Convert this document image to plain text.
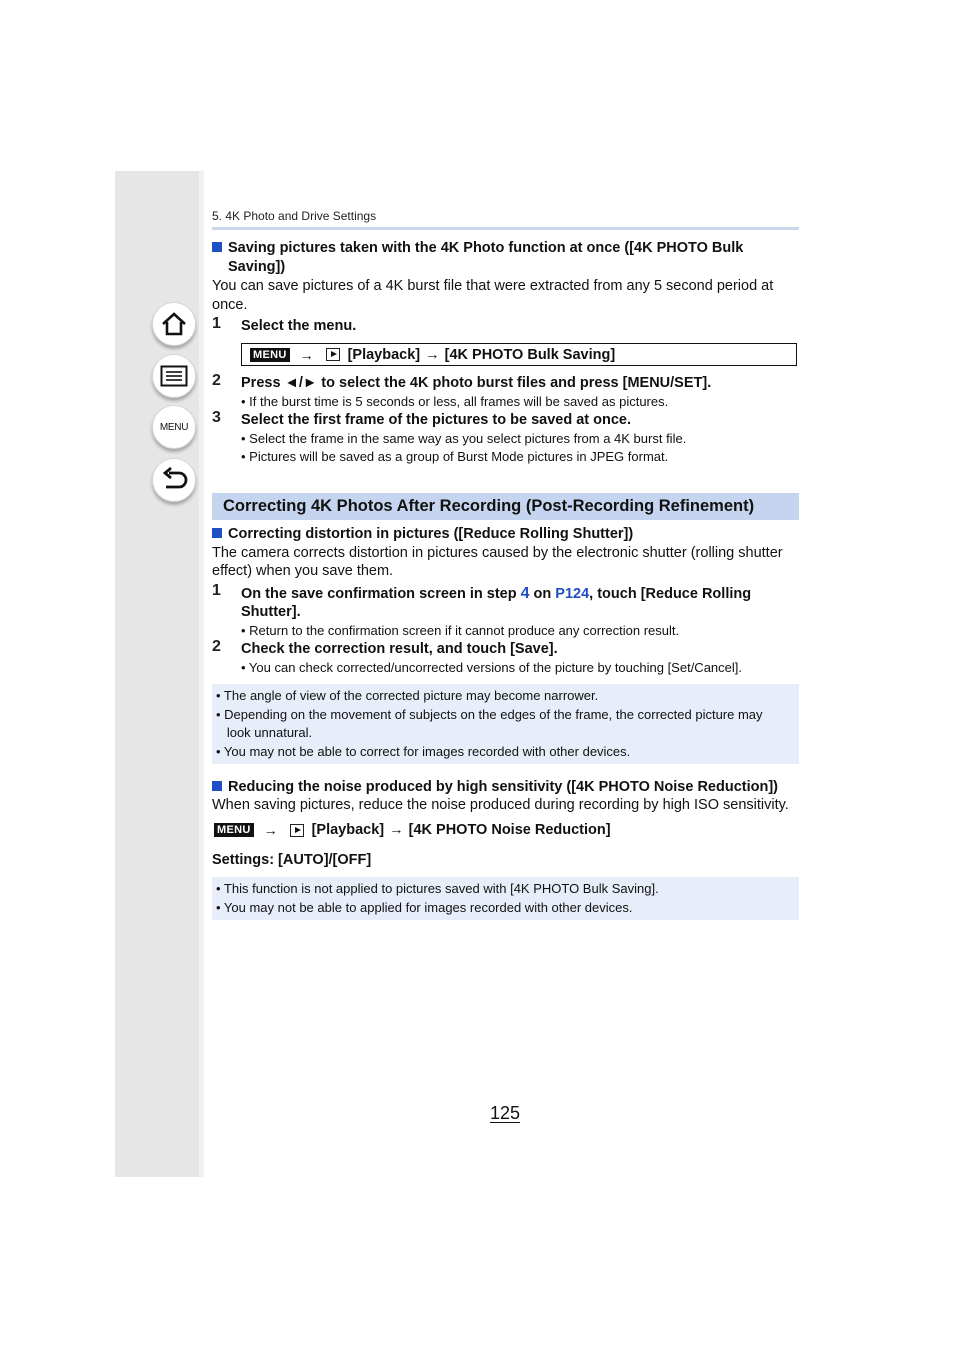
MENU
5. 4K Photo and Drive Settings
Saving pictures taken with the 4K Photo function at once ([4K PHOTO Bulk
Saving])
You can save pictures of a 4K burst file that were extracted from any 5 second period at
once.
1	Select the menu.
MENU → [Playback] → [4K PHOTO Bulk Saving]
2	Press ◄/► to select the 4K photo burst files and press [MENU/SET].
• If the burst time is 5 seconds or less, all frames will be saved as pictures.
3	Select the first frame of the pictures to be saved at once.
• Select the frame in the same way as you select pictures from a 4K burst file.
• Pictures will be saved as a group of Burst Mode pictures in JPEG format.
Correcting 4K Photos After Recording (Post-Recording Refinement)
Correcting distortion in pictures ([Reduce Rolling Shutter])
The camera corrects distortion in pictures caused by the electronic shutter (rolling shutter
effect) when you save them.
1	On the save confirmation screen in step 4 on P124, touch [Reduce Rolling
Shutter].
• Return to the confirmation screen if it cannot produce any correction result.
2	Check the correction result, and touch [Save].
• You can check corrected/uncorrected versions of the picture by touching [Set/Cancel].
• The angle of view of the corrected picture may become narrower.
• Depending on the movement of subjects on the edges of the frame, the corrected picture may
look unnatural.
• You may not be able to correct for images recorded with other devices.
Reducing the noise produced by high sensitivity ([4K PHOTO Noise Reduction])
When saving pictures, reduce the noise produced during recording by high ISO sensitivity.
MENU → [Playback] → [4K PHOTO Noise Reduction]
Settings: [AUTO]/[OFF]
• This function is not applied to pictures saved with [4K PHOTO Bulk Saving].
• You may not be able to applied for images recorded with other devices.
125
